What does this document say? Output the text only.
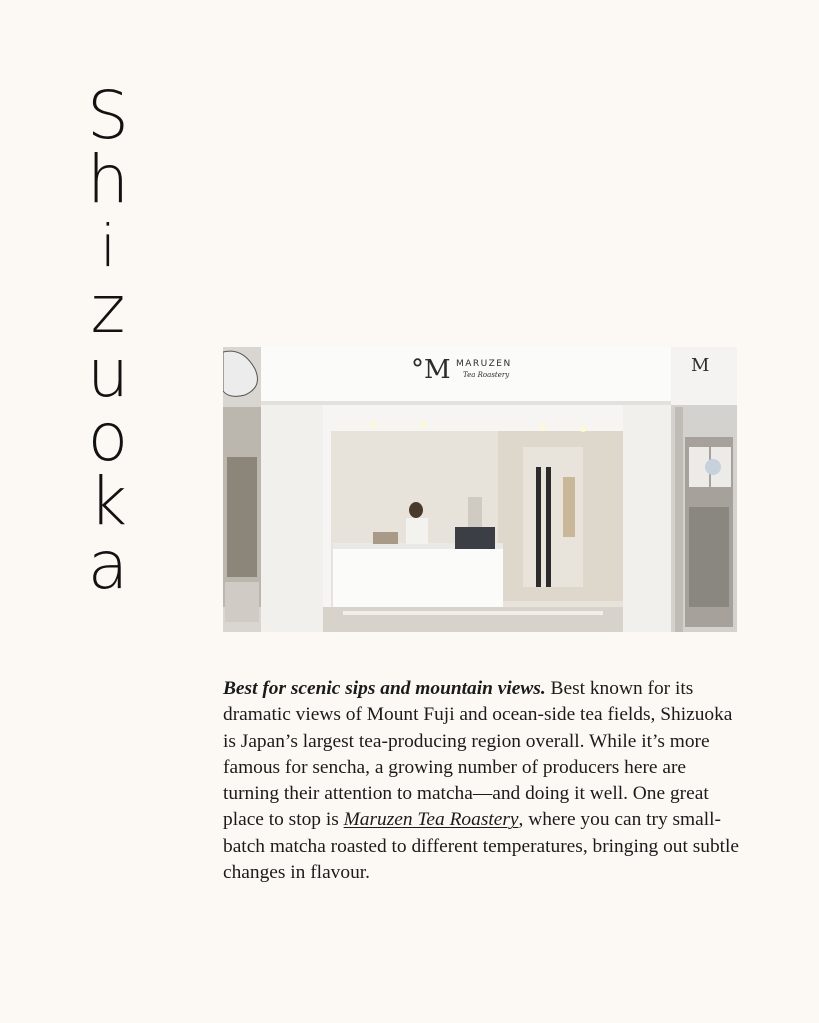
S
h
i
z
u
o
k
a
°M MARUZEN
Tea Roastery	M
Best for scenic sips and mountain views. Best known for its dramatic views of Mount Fuji and ocean-side tea fields, Shizuoka is Japan’s largest tea-producing region overall. While it’s more famous for sencha, a growing number of producers here are turning their attention to matcha—and doing it well. One great place to stop is Maruzen Tea Roastery, where you can try small-batch matcha roasted to different temperatures, bringing out subtle changes in flavour.
